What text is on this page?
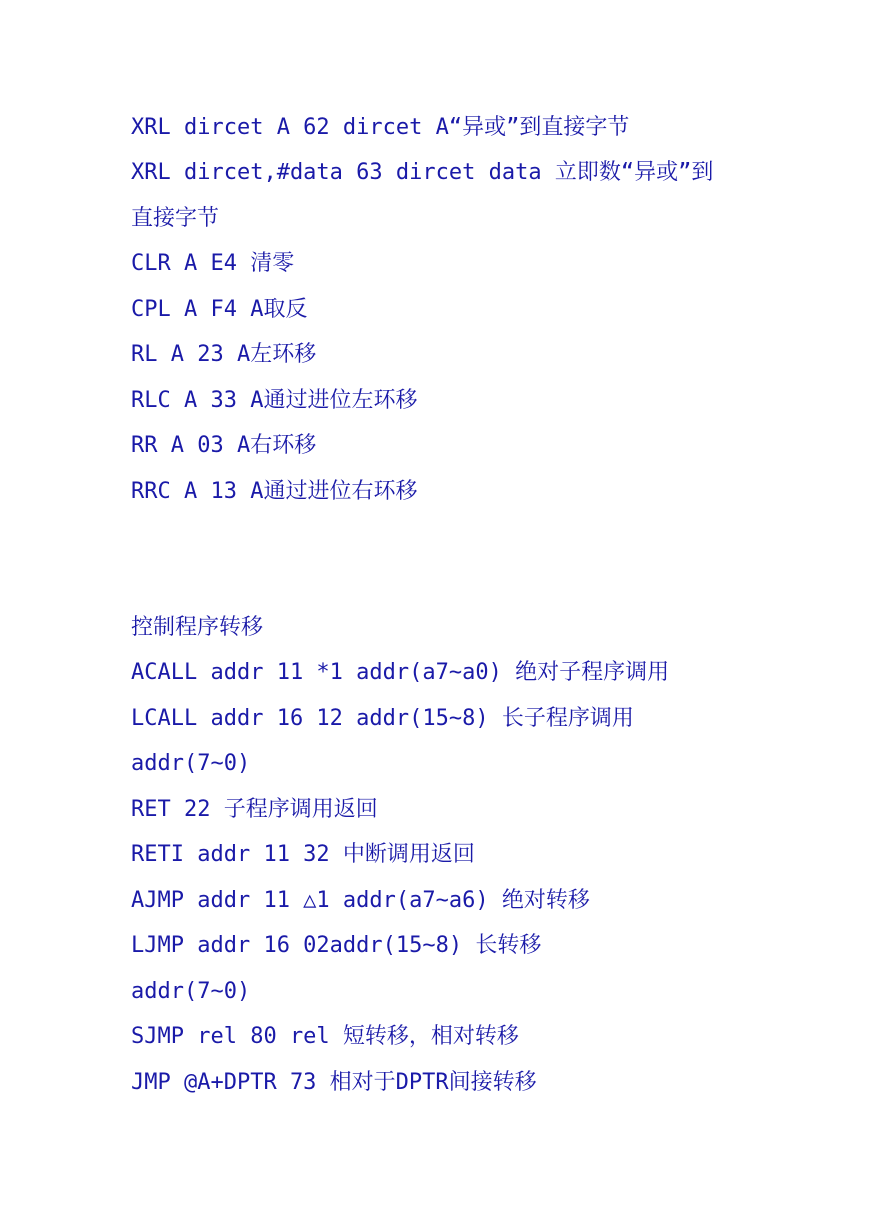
XRL dircet A 62 dircet A“异或”到直接字节
XRL dircet,#data 63 dircet data 立即数“异或”到
直接字节
CLR A E4 清零
CPL A F4 A取反
RL A 23 A左环移
RLC A 33 A通过进位左环移
RR A 03 A右环移
RRC A 13 A通过进位右环移
控制程序转移
ACALL addr 11 *1 addr(a7~a0) 绝对子程序调用
LCALL addr 16 12 addr(15~8) 长子程序调用
addr(7~0)
RET 22 子程序调用返回
RETI addr 11 32 中断调用返回
AJMP addr 11 △1 addr(a7~a6) 绝对转移
LJMP addr 16 02addr(15~8) 长转移
addr(7~0)
SJMP rel 80 rel 短转移，相对转移
JMP @A+DPTR 73 相对于DPTR间接转移
